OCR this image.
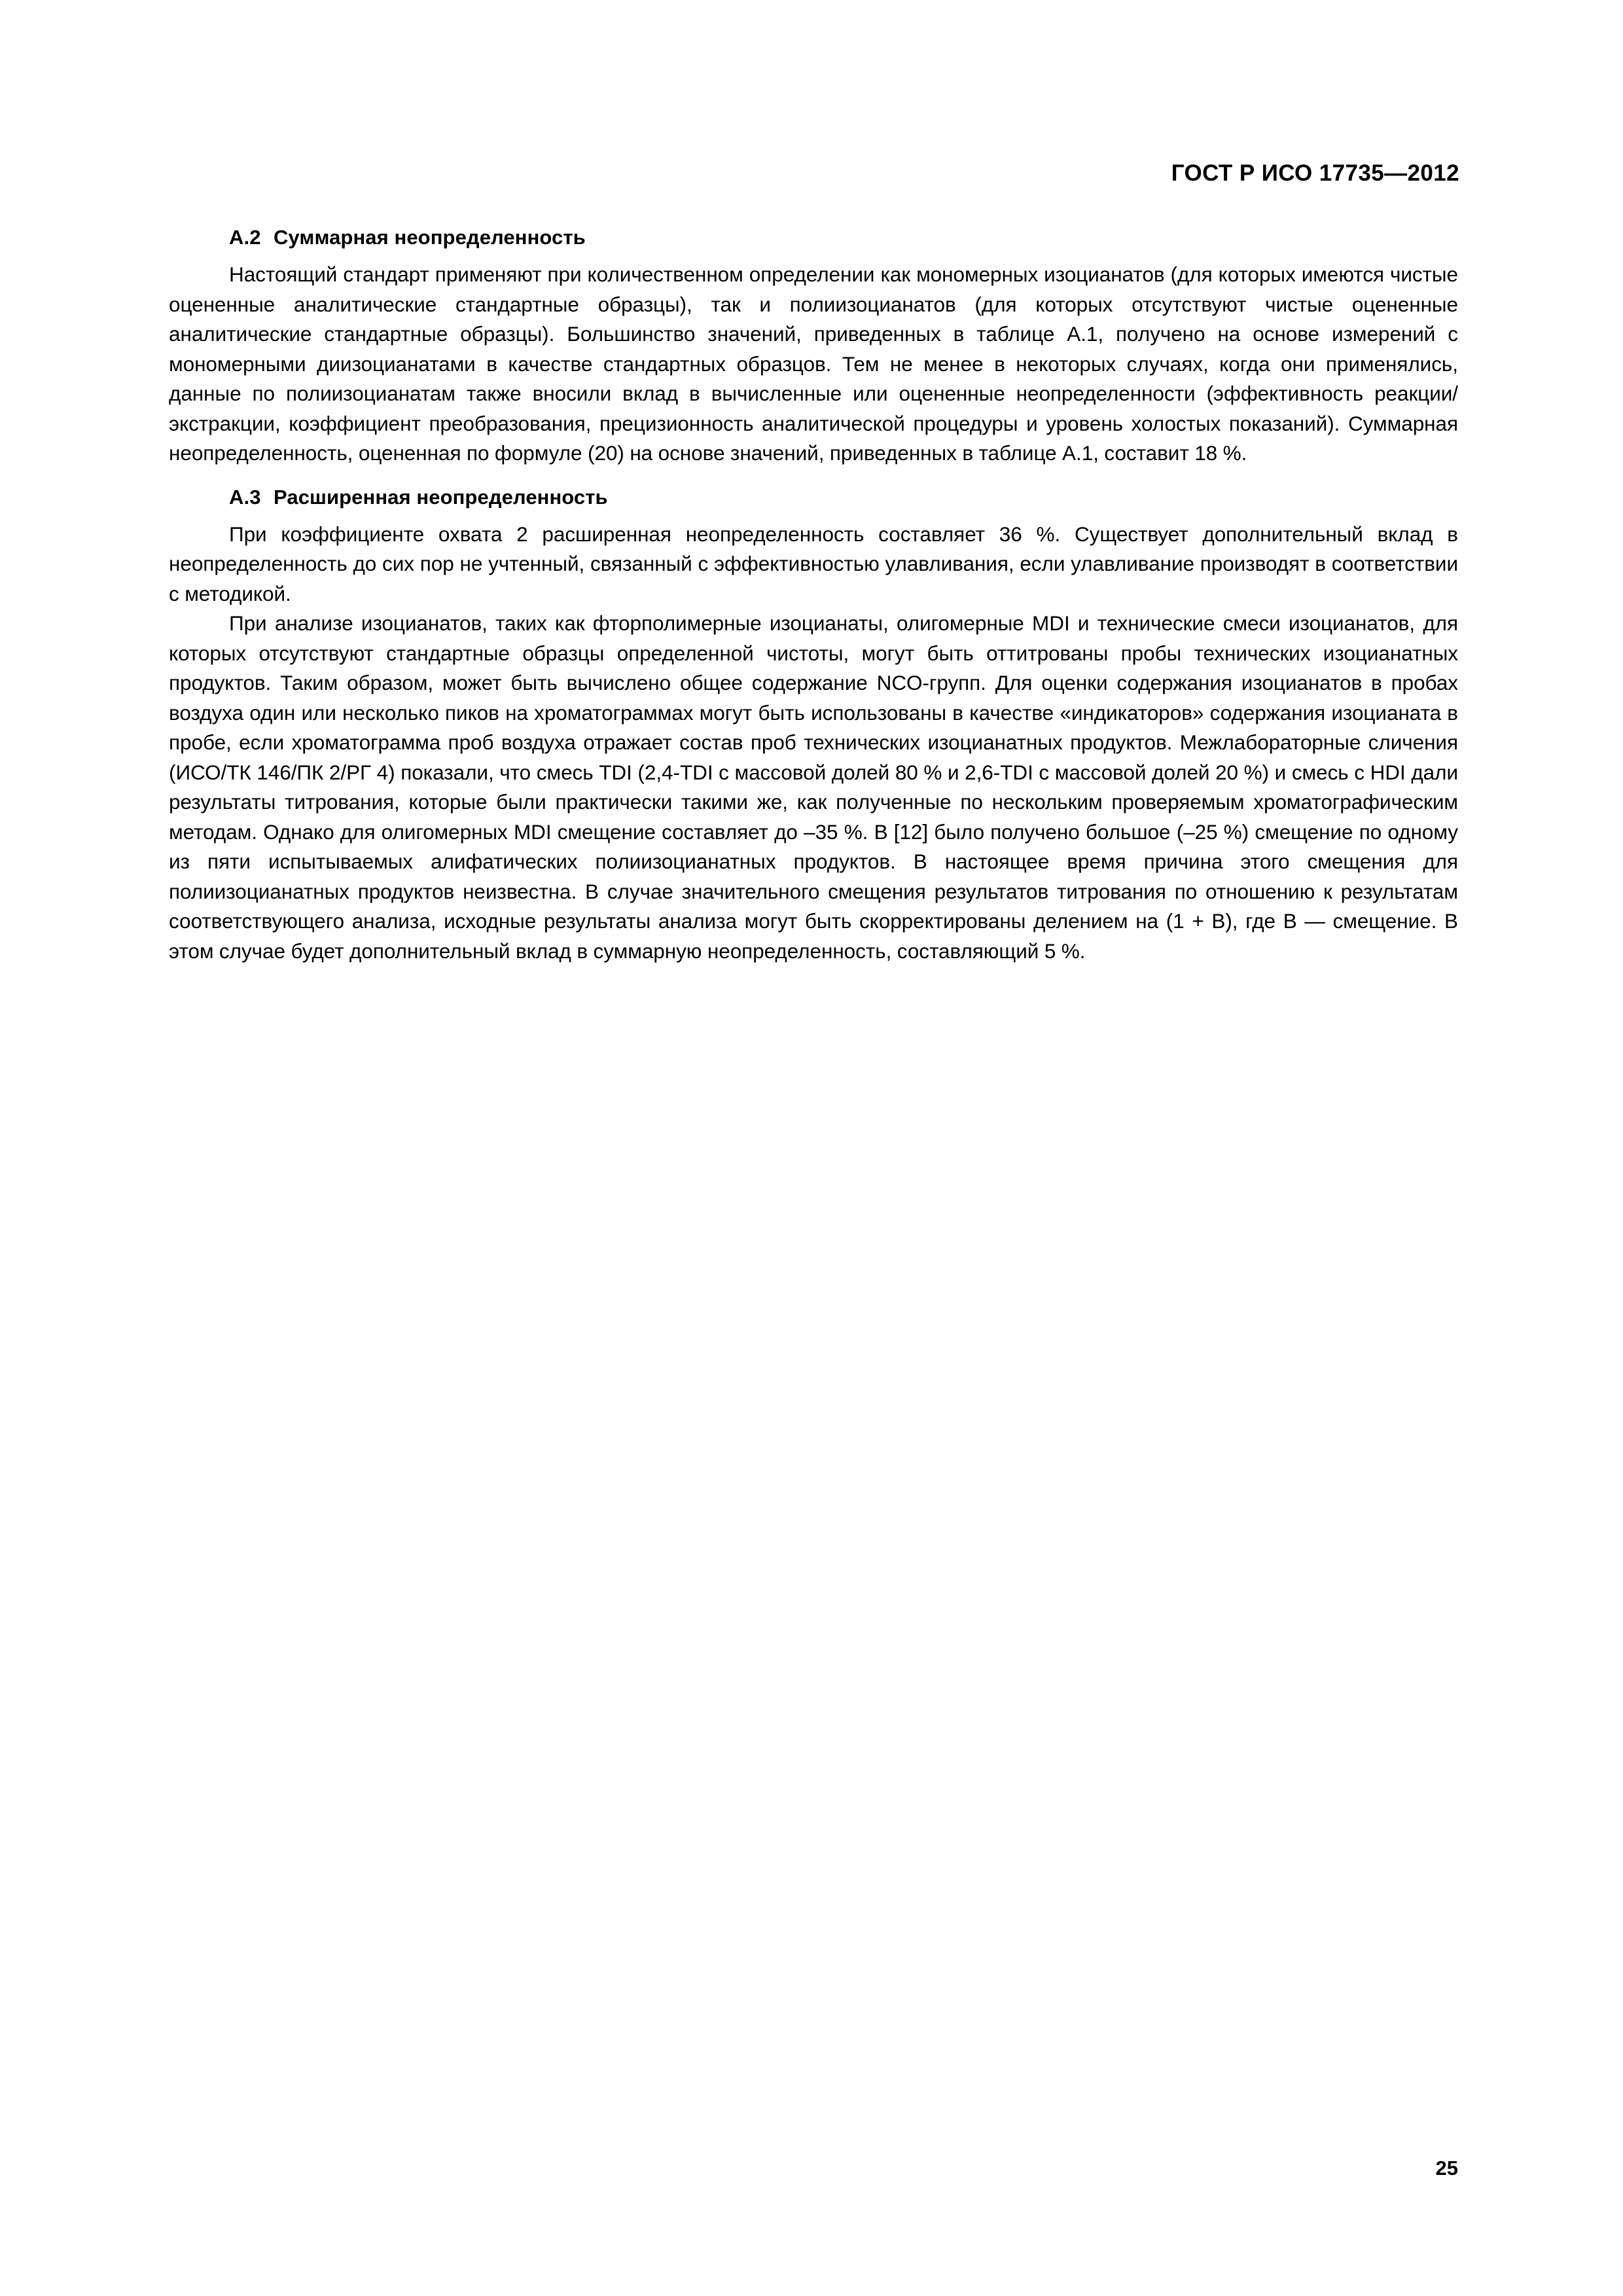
ГОСТ Р ИСО 17735—2012
A.2 Суммарная неопределенность

Настоящий стандарт применяют при количественном определении как мономерных изоцианатов (для которых имеются чистые оцененные аналитические стандартные образцы), так и полиизоцианатов (для которых отсутствуют чистые оцененные аналитические стандартные образцы). Большинство значений, приведенных в таблице А.1, получено на основе измерений с мономерными диизоцианатами в качестве стандартных образцов. Тем не менее в некоторых случаях, когда они применялись, данные по полиизоцианатам также вносили вклад в вычисленные или оцененные неопределенности (эффективность реакции/экстракции, коэффициент преобразования, прецизионность аналитической процедуры и уровень холостых показаний). Суммарная неопределенность, оцененная по формуле (20) на основе значений, приведенных в таблице А.1, составит 18 %.

A.3 Расширенная неопределенность

При коэффициенте охвата 2 расширенная неопределенность составляет 36 %. Существует дополнительный вклад в неопределенность до сих пор не учтенный, связанный с эффективностью улавливания, если улавливание производят в соответствии с методикой.

При анализе изоцианатов, таких как фторполимерные изоцианаты, олигомерные MDI и технические смеси изоцианатов, для которых отсутствуют стандартные образцы определенной чистоты, могут быть оттитрованы пробы технических изоцианатных продуктов. Таким образом, может быть вычислено общее содержание NCO-групп. Для оценки содержания изоцианатов в пробах воздуха один или несколько пиков на хроматограммах могут быть использованы в качестве «индикаторов» содержания изоцианата в пробе, если хроматограмма проб воздуха отражает состав проб технических изоцианатных продуктов. Межлабораторные сличения (ИСО/ТК 146/ПК 2/РГ 4) показали, что смесь TDI (2,4-TDI с массовой долей 80 % и 2,6-TDI с массовой долей 20 %) и смесь с HDI дали результаты титрования, которые были практически такими же, как полученные по нескольким проверяемым хроматографическим методам. Однако для олигомерных MDI смещение составляет до –35 %. В [12] было получено большое (–25 %) смещение по одному из пяти испытываемых алифатических полиизоцианатных продуктов. В настоящее время причина этого смещения для полиизоцианатных продуктов неизвестна. В случае значительного смещения результатов титрования по отношению к результатам соответствующего анализа, исходные результаты анализа могут быть скорректированы делением на (1 + B), где B — смещение. В этом случае будет дополнительный вклад в суммарную неопределенность, составляющий 5 %.

25
